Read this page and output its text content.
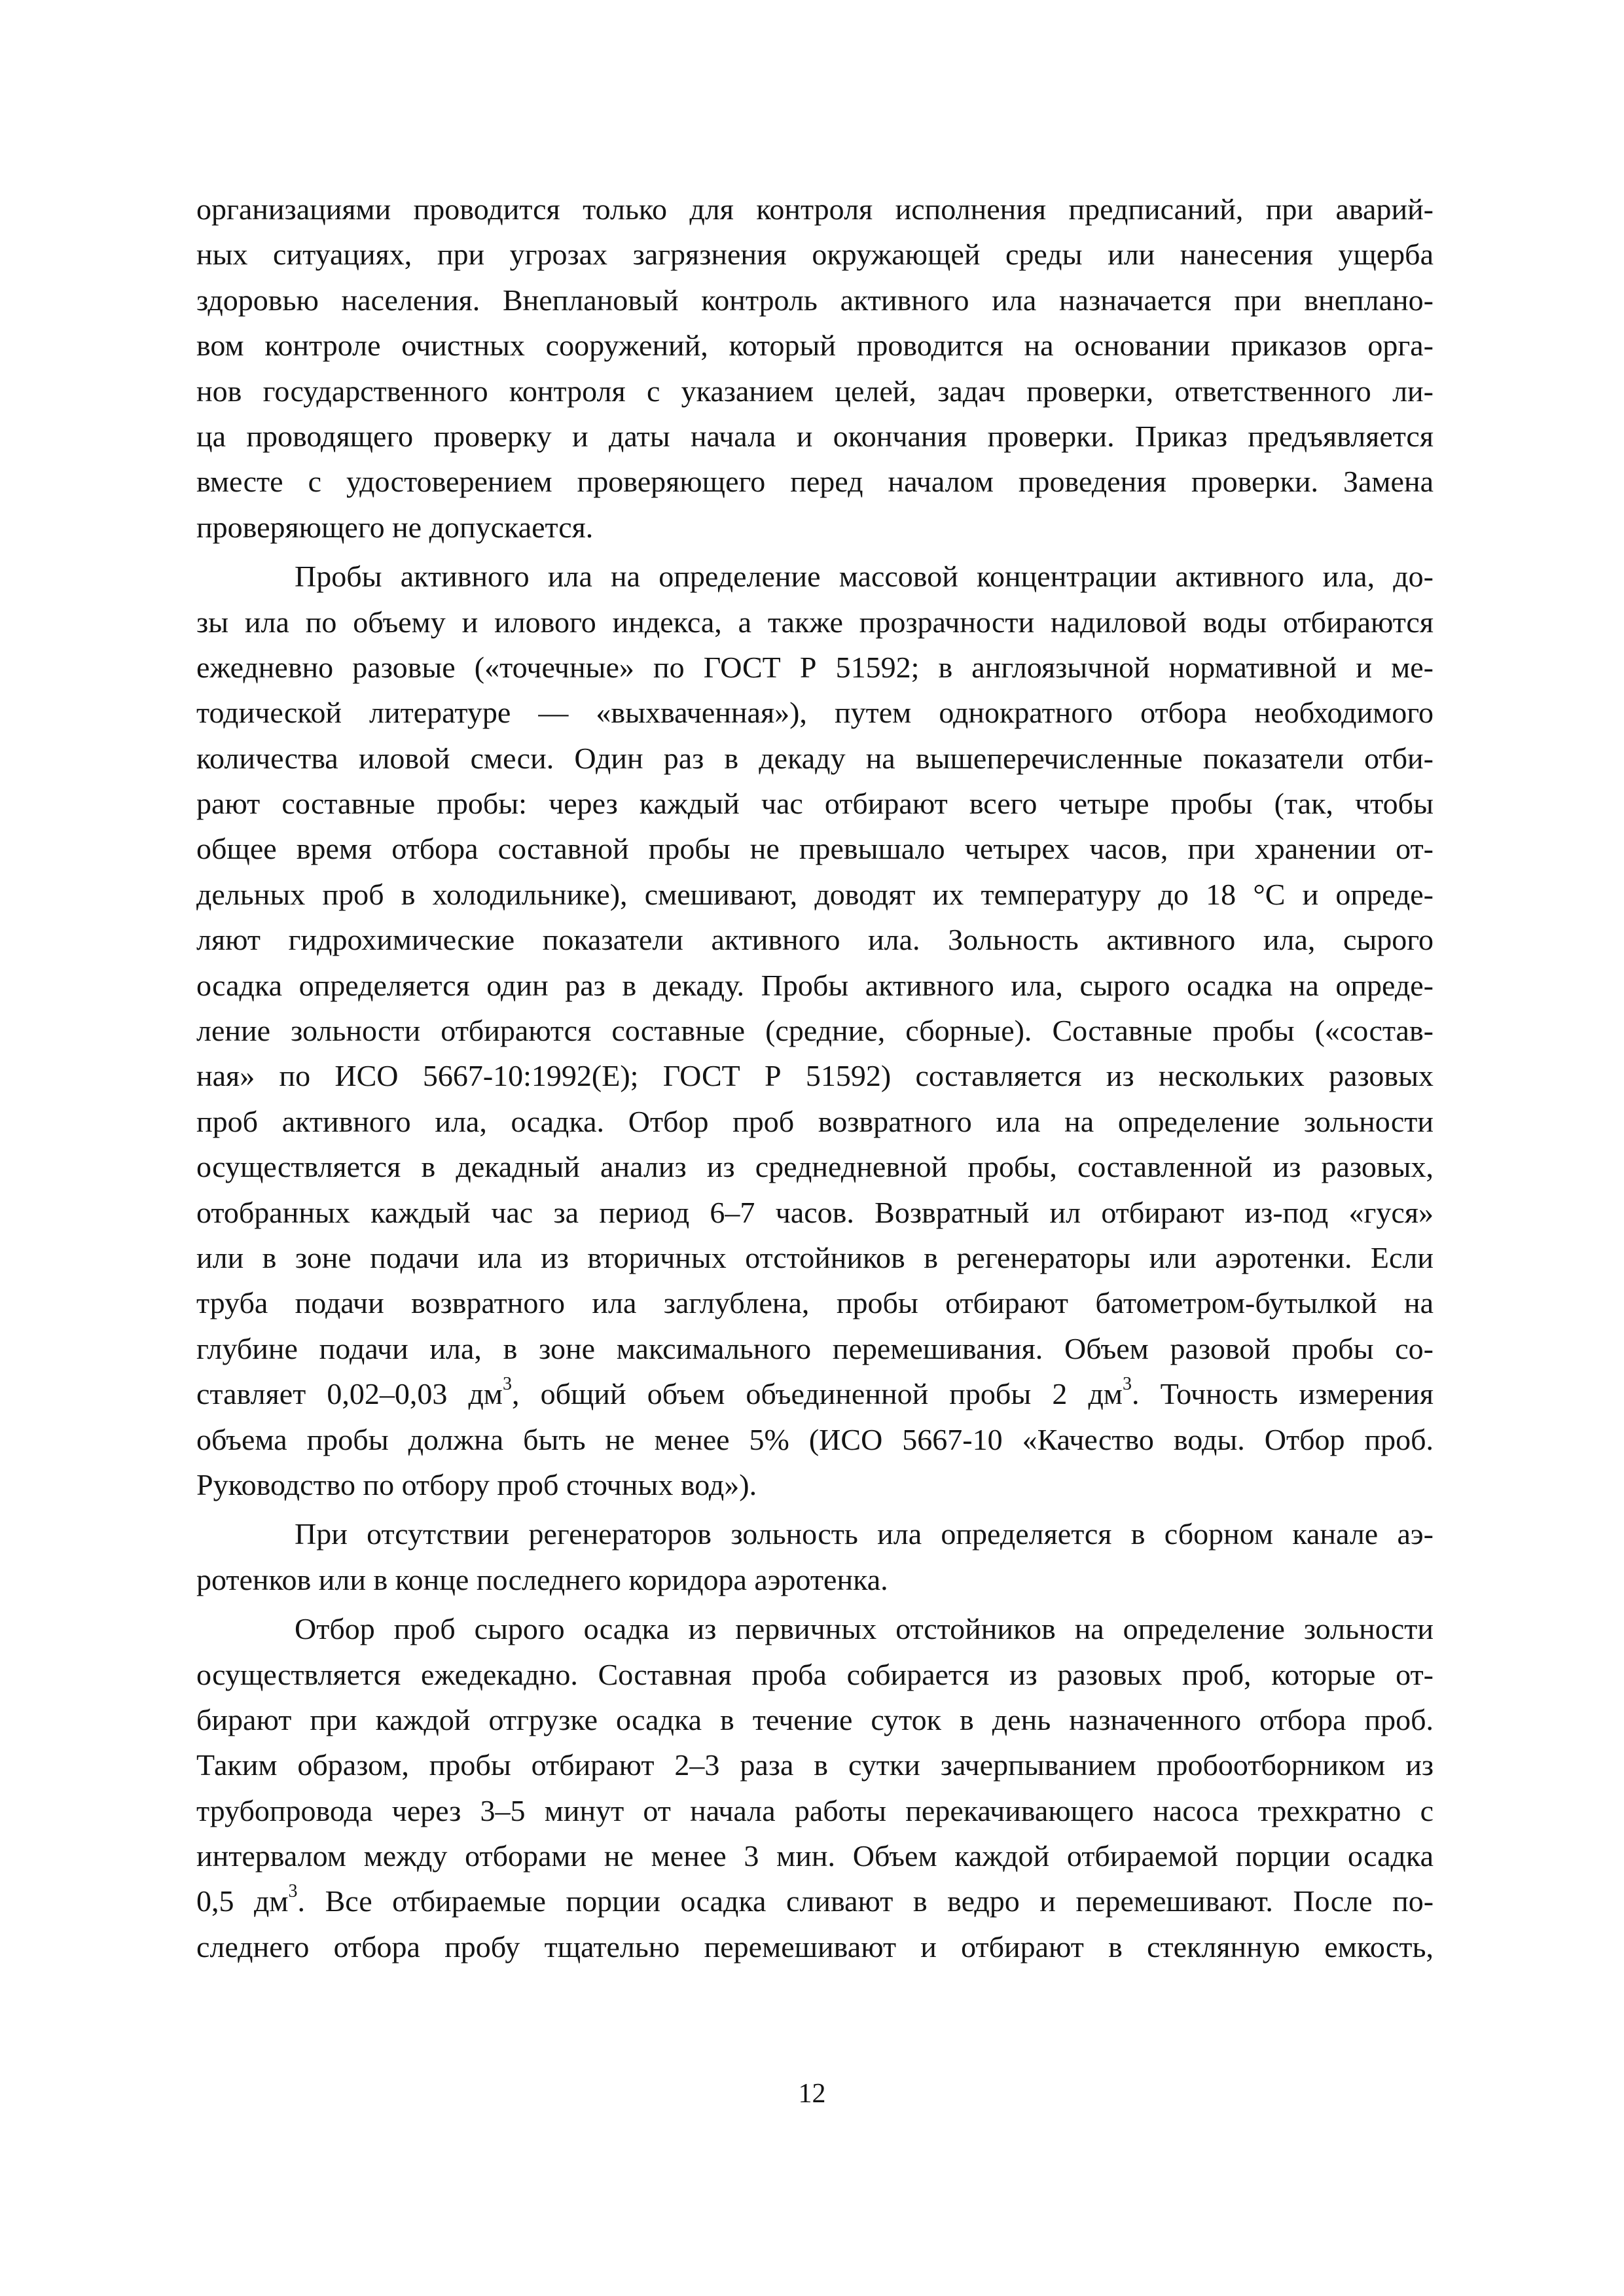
организациями проводится только для контроля исполнения предписаний, при аварий-
ных ситуациях, при угрозах загрязнения окружающей среды или нанесения ущерба
здоровью населения. Внеплановый контроль активного ила назначается при внеплано-
вом контроле очистных сооружений, который проводится на основании приказов орга-
нов государственного контроля с указанием целей, задач проверки, ответственного ли-
ца проводящего проверку и даты начала и окончания проверки. Приказ предъявляется
вместе с удостоверением проверяющего перед началом проведения проверки. Замена
проверяющего не допускается.
Пробы активного ила на определение массовой концентрации активного ила, до-
зы ила по объему и илового индекса, а также прозрачности надиловой воды отбираются
ежедневно разовые («точечные» по ГОСТ Р 51592; в англоязычной нормативной и ме-
тодической литературе — «выхваченная»), путем однократного отбора необходимого
количества иловой смеси. Один раз в декаду на вышеперечисленные показатели отби-
рают составные пробы: через каждый час отбирают всего четыре пробы (так, чтобы
общее время отбора составной пробы не превышало четырех часов, при хранении от-
дельных проб в холодильнике), смешивают, доводят их температуру до 18 °С и опреде-
ляют гидрохимические показатели активного ила. Зольность активного ила, сырого
осадка определяется один раз в декаду. Пробы активного ила, сырого осадка на опреде-
ление зольности отбираются составные (средние, сборные). Составные пробы («состав-
ная» по ИСО 5667-10:1992(Е); ГОСТ Р 51592) составляется из нескольких разовых
проб активного ила, осадка. Отбор проб возвратного ила на определение зольности
осуществляется в декадный анализ из среднедневной пробы, составленной из разовых,
отобранных каждый час за период 6–7 часов. Возвратный ил отбирают из-под «гуся»
или в зоне подачи ила из вторичных отстойников в регенераторы или аэротенки. Если
труба подачи возвратного ила заглублена, пробы отбирают батометром-бутылкой на
глубине подачи ила, в зоне максимального перемешивания. Объем разовой пробы со-
ставляет 0,02–0,03 $дм^3$, общий объем объединенной пробы 2 $дм^3$. Точность измерения
объема пробы должна быть не менее 5% (ИСО 5667-10 «Качество воды. Отбор проб.
Руководство по отбору проб сточных вод»).
При отсутствии регенераторов зольность ила определяется в сборном канале аэ-
ротенков или в конце последнего коридора аэротенка.
Отбор проб сырого осадка из первичных отстойников на определение зольности
осуществляется ежедекадно. Составная проба собирается из разовых проб, которые от-
бирают при каждой отгрузке осадка в течение суток в день назначенного отбора проб.
Таким образом, пробы отбирают 2–3 раза в сутки зачерпыванием пробоотборником из
трубопровода через 3–5 минут от начала работы перекачивающего насоса трехкратно с
интервалом между отборами не менее 3 мин. Объем каждой отбираемой порции осадка
0,5 $дм^3$. Все отбираемые порции осадка сливают в ведро и перемешивают. После по-
следнего отбора пробу тщательно перемешивают и отбирают в стеклянную емкость,
12
